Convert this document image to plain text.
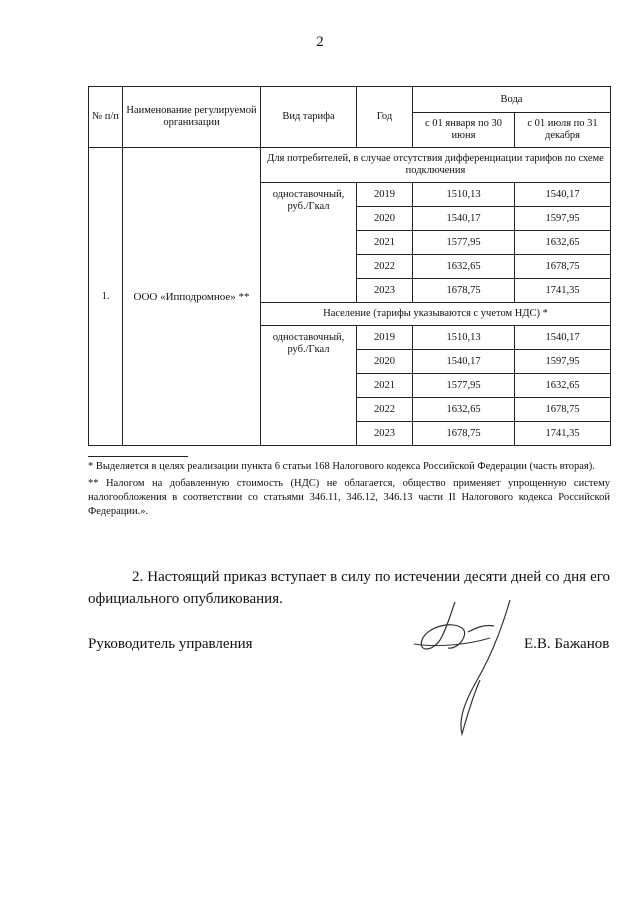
2
№ п/п	Наименование регулируемой организации	Вид тарифа	Год	Вода	
				с 01 января по 30 июня	с 01 июля по 31 декабря
1.	ООО «Ипподромное» **	Для потребителей, в случае отсутствия дифференциации тарифов по схеме подключения			
		одноставочный, руб./Гкал	2019	1510,13	1540,17
			2020	1540,17	1597,95
			2021	1577,95	1632,65
			2022	1632,65	1678,75
			2023	1678,75	1741,35
		Население (тарифы указываются с учетом НДС) *			
		одноставочный, руб./Гкал	2019	1510,13	1540,17
			2020	1540,17	1597,95
			2021	1577,95	1632,65
			2022	1632,65	1678,75
			2023	1678,75	1741,35

* Выделяется в целях реализации пункта 6 статьи 168 Налогового кодекса Российской Федерации (часть вторая).

** Налогом на добавленную стоимость (НДС) не облагается, общество применяет упрощенную систему налогообложения в соответствии со статьями 346.11, 346.12, 346.13 части II Налогового кодекса Российской Федерации.».

2. Настоящий приказ вступает в силу по истечении десяти дней со дня его официального опубликования.

Руководитель управления	Е.В. Бажанов
